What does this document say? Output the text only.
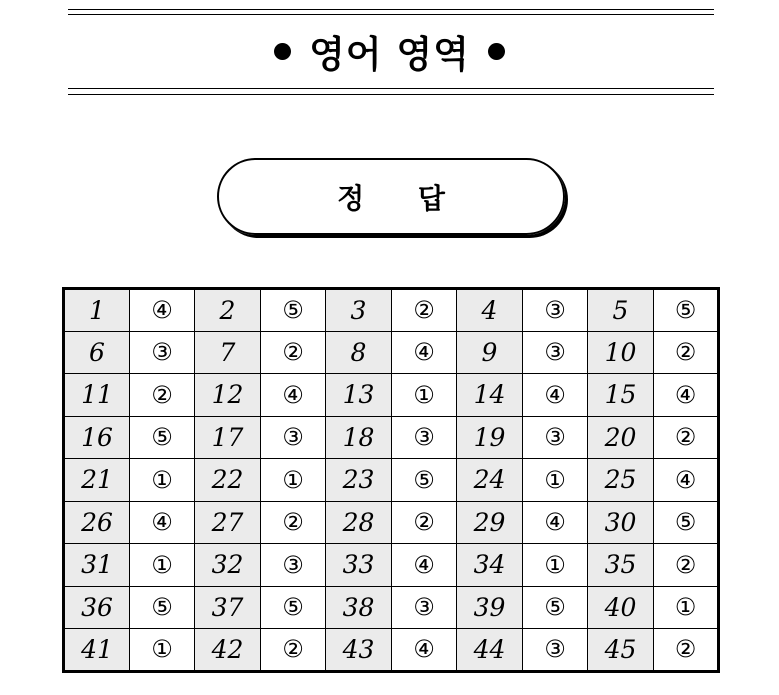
영어 영역
정 답
1	④	2	⑤	3	②	4	③	5	⑤
6	③	7	②	8	④	9	③	10	②
11	②	12	④	13	①	14	④	15	④
16	⑤	17	③	18	③	19	③	20	②
21	①	22	①	23	⑤	24	①	25	④
26	④	27	②	28	②	29	④	30	⑤
31	①	32	③	33	④	34	①	35	②
36	⑤	37	⑤	38	③	39	⑤	40	①
41	①	42	②	43	④	44	③	45	②
